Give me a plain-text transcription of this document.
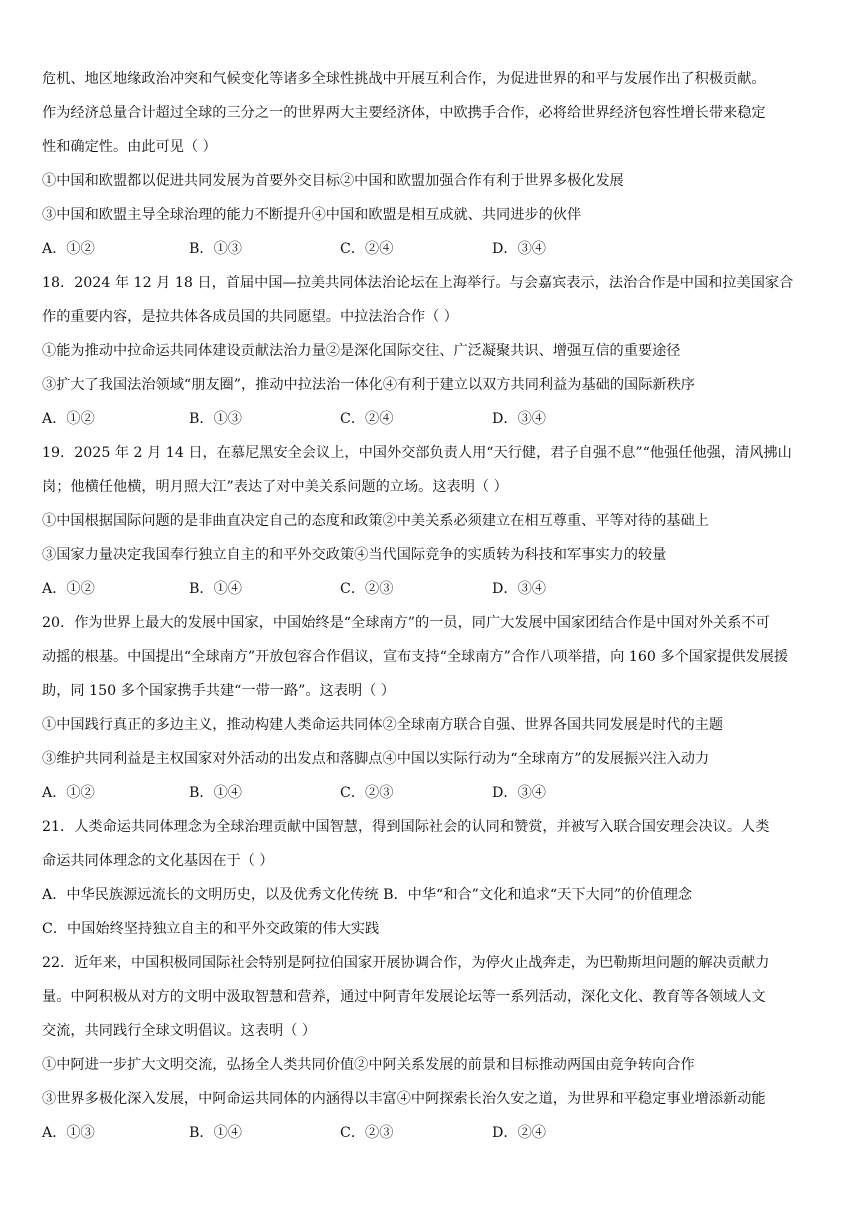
危机、地区地缘政治冲突和气候变化等诸多全球性挑战中开展互利合作，为促进世界的和平与发展作出了积极贡献。
作为经济总量合计超过全球的三分之一的世界两大主要经济体，中欧携手合作，必将给世界经济包容性增长带来稳定
性和确定性。由此可见（ ）
①中国和欧盟都以促进共同发展为首要外交目标②中国和欧盟加强合作有利于世界多极化发展
③中国和欧盟主导全球治理的能力不断提升④中国和欧盟是相互成就、共同进步的伙伴
A．①②	B．①③	C．②④	D．③④
18．2024 年 12 月 18 日，首届中国—拉美共同体法治论坛在上海举行。与会嘉宾表示，法治合作是中国和拉美国家合
作的重要内容，是拉共体各成员国的共同愿望。中拉法治合作（ ）
①能为推动中拉命运共同体建设贡献法治力量②是深化国际交往、广泛凝聚共识、增强互信的重要途径
③扩大了我国法治领域“朋友圈”，推动中拉法治一体化④有利于建立以双方共同利益为基础的国际新秩序
A．①②	B．①③	C．②④	D．③④
19．2025 年 2 月 14 日，在慕尼黑安全会议上，中国外交部负责人用“天行健，君子自强不息”“他强任他强，清风拂山
岗；他横任他横，明月照大江”表达了对中美关系问题的立场。这表明（ ）
①中国根据国际问题的是非曲直决定自己的态度和政策②中美关系必须建立在相互尊重、平等对待的基础上
③国家力量决定我国奉行独立自主的和平外交政策④当代国际竞争的实质转为科技和军事实力的较量
A．①②	B．①④	C．②③	D．③④
20．作为世界上最大的发展中国家，中国始终是“全球南方”的一员，同广大发展中国家团结合作是中国对外关系不可
动摇的根基。中国提出“全球南方”开放包容合作倡议，宣布支持“全球南方”合作八项举措，向 160 多个国家提供发展援
助，同 150 多个国家携手共建“一带一路”。这表明（ ）
①中国践行真正的多边主义，推动构建人类命运共同体②全球南方联合自强、世界各国共同发展是时代的主题
③维护共同利益是主权国家对外活动的出发点和落脚点④中国以实际行动为“全球南方”的发展振兴注入动力
A．①②	B．①④	C．②③	D．③④
21．人类命运共同体理念为全球治理贡献中国智慧，得到国际社会的认同和赞赏，并被写入联合国安理会决议。人类
命运共同体理念的文化基因在于（ ）
A．中华民族源远流长的文明历史，以及优秀文化传统 B．中华“和合”文化和追求“天下大同”的价值理念
C．中国始终坚持独立自主的和平外交政策的伟大实践
22．近年来，中国积极同国际社会特别是阿拉伯国家开展协调合作，为停火止战奔走，为巴勒斯坦问题的解决贡献力
量。中阿积极从对方的文明中汲取智慧和营养，通过中阿青年发展论坛等一系列活动，深化文化、教育等各领域人文
交流，共同践行全球文明倡议。这表明（ ）
①中阿进一步扩大文明交流，弘扬全人类共同价值②中阿关系发展的前景和目标推动两国由竞争转向合作
③世界多极化深入发展，中阿命运共同体的内涵得以丰富④中阿探索长治久安之道，为世界和平稳定事业增添新动能
A．①③	B．①④	C．②③	D．②④
